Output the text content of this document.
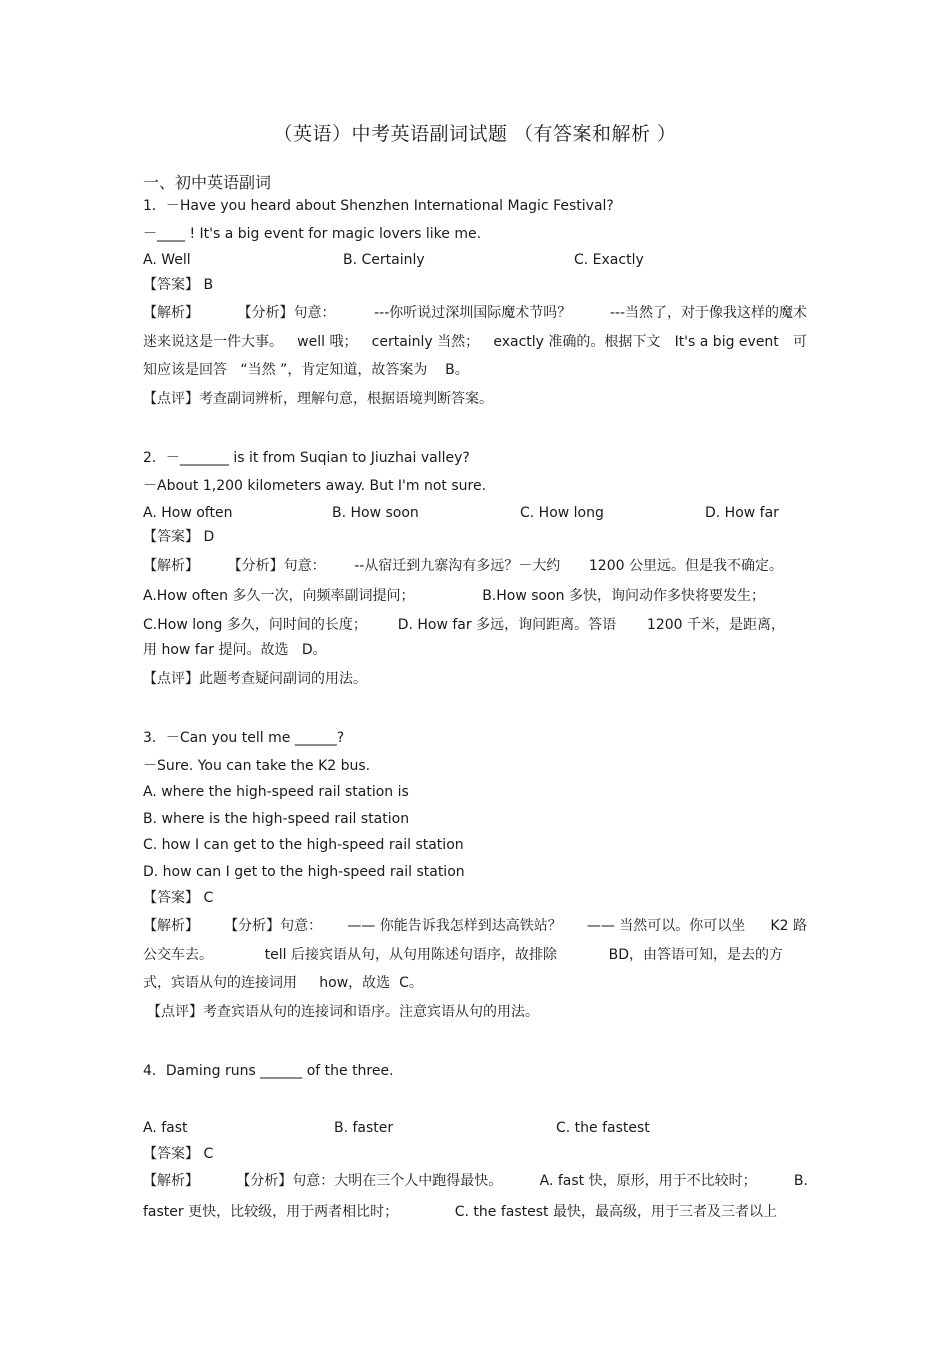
（英语）中考英语副词试题 （有答案和解析 ）
一、初中英语副词
1．－Have you heard about Shenzhen International Magic Festival?
－____ ! It's a big event for magic lovers like me.
A. Well	B. Certainly	C. Exactly
【答案】 B
【解析】	【分析】句意：	---你听说过深圳国际魔术节吗？	---当然了，对于像我这样的魔术
迷来说这是一件大事。 well 哦； certainly 当然； exactly 准确的。根据下文 It's a big event 可
知应该是回答 “当然 ”，肯定知道，故答案为 B。
【点评】考查副词辨析，理解句意，根据语境判断答案。
2．－_______ is it from Suqian to Jiuzhai valley?
－About 1,200 kilometers away. But I'm not sure.
A. How often	B. How soon	C. How long	D. How far
【答案】 D
【解析】 【分析】句意： --从宿迁到九寨沟有多远？－大约 1200 公里远。但是我不确定。
A.How often 多久一次，向频率副词提问；	B.How soon 多快，询问动作多快将要发生；
C.How long 多久，问时间的长度； D. How far 多远，询问距离。答语 1200 千米，是距离，
用 how far 提问。故选 D。
【点评】此题考查疑问副词的用法。
3．－Can you tell me ______?
－Sure. You can take the K2 bus.
A. where the high-speed rail station is
B. where is the high-speed rail station
C. how I can get to the high-speed rail station
D. how can I get to the high-speed rail station
【答案】 C
【解析】 【分析】句意： —— 你能告诉我怎样到达高铁站？ —— 当然可以。你可以坐 K2 路
公交车去。	tell 后接宾语从句，从句用陈述句语序，故排除	BD，由答语可知，是去的方
式，宾语从句的连接词用 how，故选 C。
【点评】考查宾语从句的连接词和语序。注意宾语从句的用法。
4．Daming runs ______ of the three.
A. fast	B. faster	C. the fastest
【答案】 C
【解析】	【分析】句意：大明在三个人中跑得最快。	A. fast 快，原形，用于不比较时；	B.
faster 更快，比较级，用于两者相比时；	C. the fastest 最快，最高级，用于三者及三者以上
